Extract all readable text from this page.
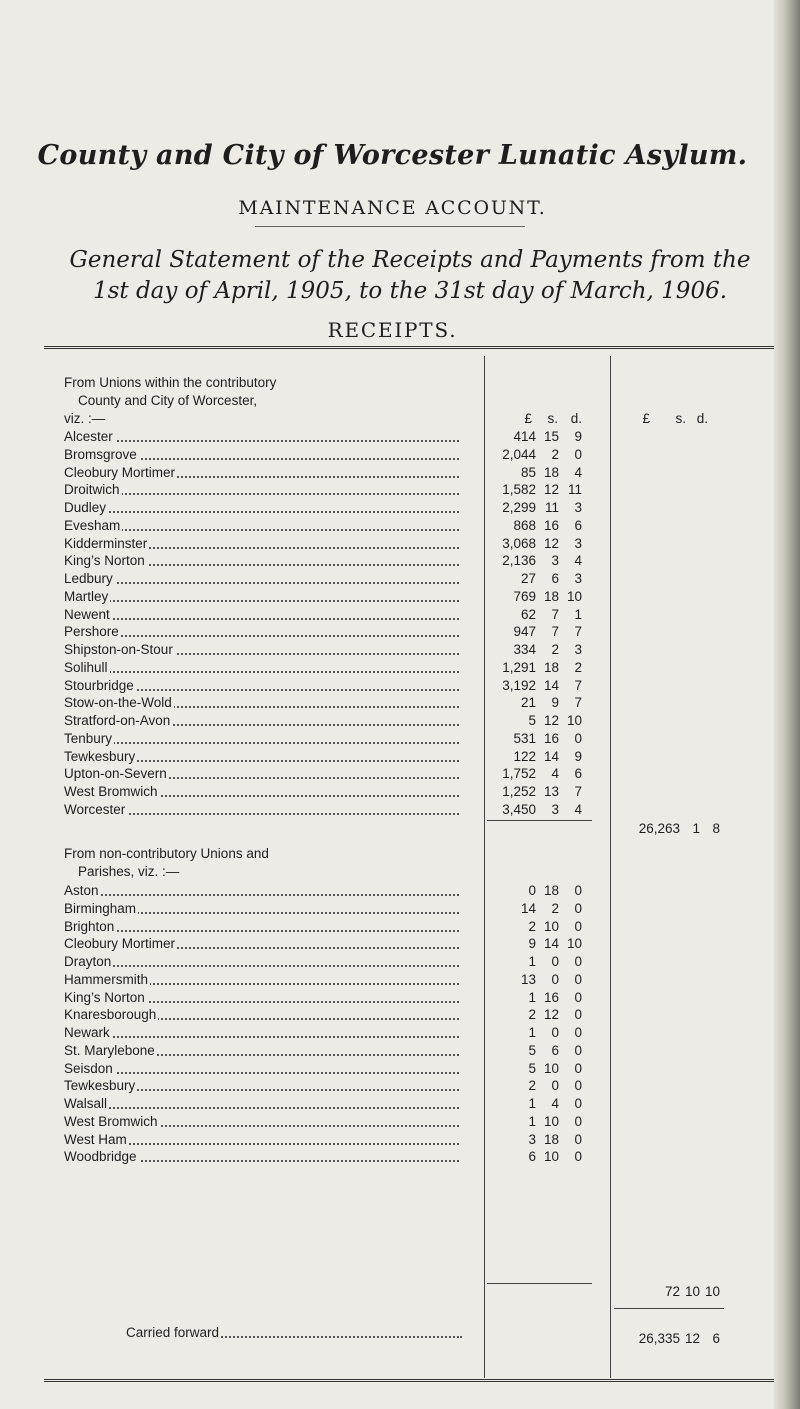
County and City of Worcester Lunatic Asylum.
MAINTENANCE ACCOUNT.
General Statement of the Receipts and Payments from the
1st day of April, 1905, to the 31st day of March, 1906.
RECEIPTS.
From Unions within the contributory
County and City of Worcester,
viz. :—	£	s. d.	£	s. d.
Alcester	414 15	9
Bromsgrove	2,044	2	0
Cleobury Mortimer	85 18	4
Droitwich	1,582 12 11
Dudley	2,299 11	3
Evesham	868 16	6
Kidderminster	3,068 12	3
King’s Norton	2,136	3	4
Ledbury	27	6	3
Martley	769 18 10
Newent	62	7	1
Pershore	947	7	7
Shipston-on-Stour	334	2	3
Solihull	1,291 18	2
Stourbridge	3,192 14	7
Stow-on-the-Wold	21	9	7
Stratford-on-Avon	5 12 10
Tenbury	531 16	0
Tewkesbury	122 14	9
Upton-on-Severn	1,752	4	6
West Bromwich	1,252 13	7
Worcester	3,450	3	4
26,263 1 8
From non-contributory Unions and
Parishes, viz. :—
Aston	0 18	0
Birmingham	14	2	0
Brighton	2 10	0
Cleobury Mortimer	9 14 10
Drayton	1	0	0
Hammersmith	13	0	0
King’s Norton	1 16	0
Knaresborough	2 12	0
Newark	1	0	0
St. Marylebone	5	6	0
Seisdon	5 10	0
Tewkesbury	2	0	0
Walsall	1	4	0
West Bromwich	1 10	0
West Ham	3 18	0
Woodbridge	6 10	0
72 10 10
Carried forward	26,335 12 6
